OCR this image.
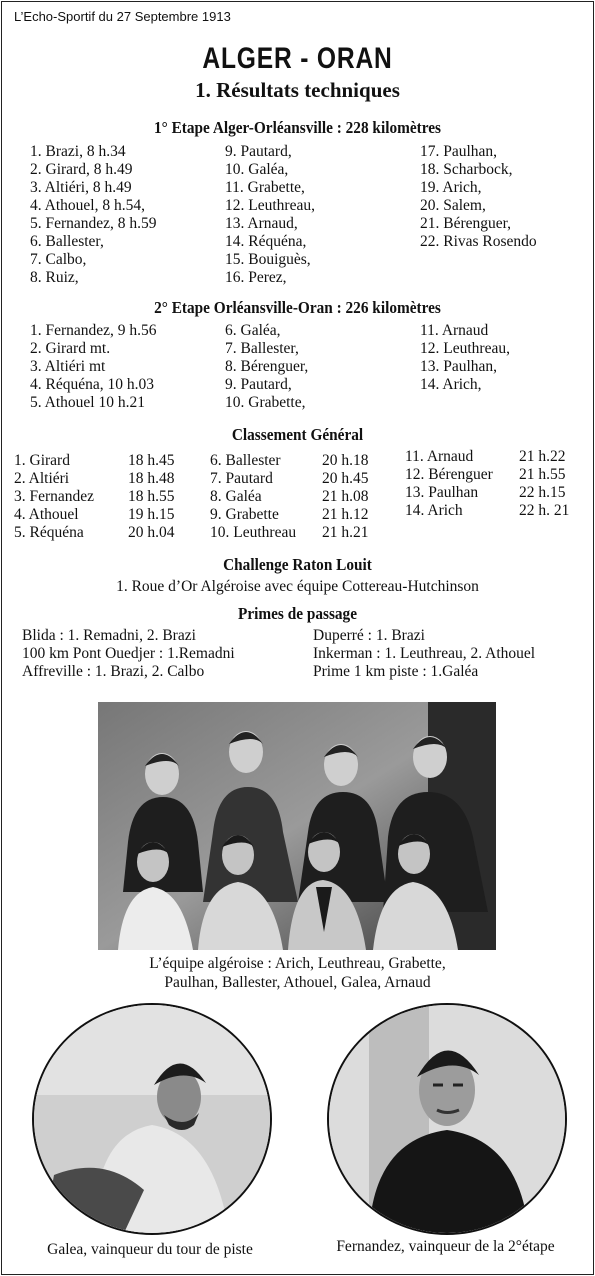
L’Echo-Sportif du 27 Septembre 1913
ALGER - ORAN
1. Résultats techniques
1° Etape Alger-Orléansville : 228 kilomètres
1. Brazi, 8 h.34
2. Girard, 8 h.49
3. Altiéri, 8 h.49
4. Athouel, 8 h.54,
5. Fernandez, 8 h.59
6. Ballester,
7. Calbo,
8. Ruiz,
9. Pautard,
10. Galéa,
11. Grabette,
12. Leuthreau,
13. Arnaud,
14. Réquéna,
15. Bouiguès,
16. Perez,
17. Paulhan,
18. Scharbock,
19. Arich,
20. Salem,
21. Bérenguer,
22. Rivas Rosendo
2° Etape Orléansville-Oran : 226 kilomètres
1. Fernandez, 9 h.56
2. Girard mt.
3. Altiéri mt
4. Réquéna, 10 h.03
5. Athouel 10 h.21
6. Galéa,
7. Ballester,
8. Bérenguer,
9. Pautard,
10. Grabette,
11. Arnaud
12. Leuthreau,
13. Paulhan,
14. Arich,
Classement Général
1. Girard	18 h.45
2. Altiéri	18 h.48
3. Fernandez 18 h.55
4. Athouel	19 h.15
5. Réquéna	20 h.04
6. Ballester	20 h.18
7. Pautard	20 h.45
8. Galéa	21 h.08
9. Grabette	21 h.12
10. Leuthreau 21 h.21
11. Arnaud	21 h.22
12. Bérenguer 21 h.55
13. Paulhan	22 h.15
14. Arich	22 h. 21
Challenge Raton Louit
1. Roue d’Or Algéroise avec équipe Cottereau-Hutchinson
Primes de passage
Blida : 1. Remadni, 2. Brazi
100 km Pont Ouedjer : 1.Remadni
Affreville : 1. Brazi, 2. Calbo
Duperré : 1. Brazi
Inkerman : 1. Leuthreau, 2. Athouel
Prime 1 km piste : 1.Galéa
L’équipe algéroise : Arich, Leuthreau, Grabette,
Paulhan, Ballester, Athouel, Galea, Arnaud
Galea, vainqueur du tour de piste	Fernandez, vainqueur de la 2°étape
